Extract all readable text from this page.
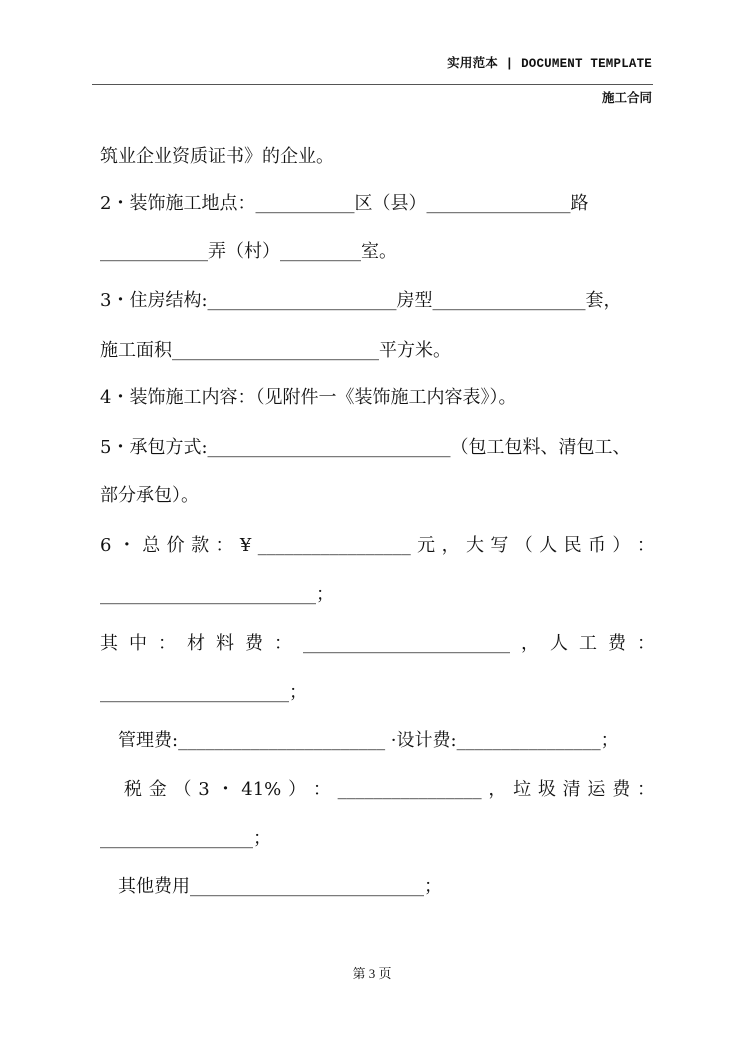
实用范本 | DOCUMENT TEMPLATE
施工合同
筑业企业资质证书》的企业。
2・装饰施工地点：___________区（县）________________路
____________弄（村）_________室。
3・住房结构:_____________________房型_________________套，
施工面积_______________________平方米。
4・装饰施工内容：（见附件一《装饰施工内容表》）。
5・承包方式:___________________________（包工包料、清包工、
部分承包）。
6 ・ 总 价 款 ： ¥ _________________ 元 ， 大 写 （ 人 民 币 ） ：
________________________；
其 中 ： 材 料 费 ： _______________________ ， 人 工 费 ：
_____________________；
管理费:_______________________ ·设计费:________________；
税 金 （ 3 ・ 41% ） ： ________________ ， 垃 圾 清 运 费 ：
_________________；
其他费用__________________________；
第 3 页
